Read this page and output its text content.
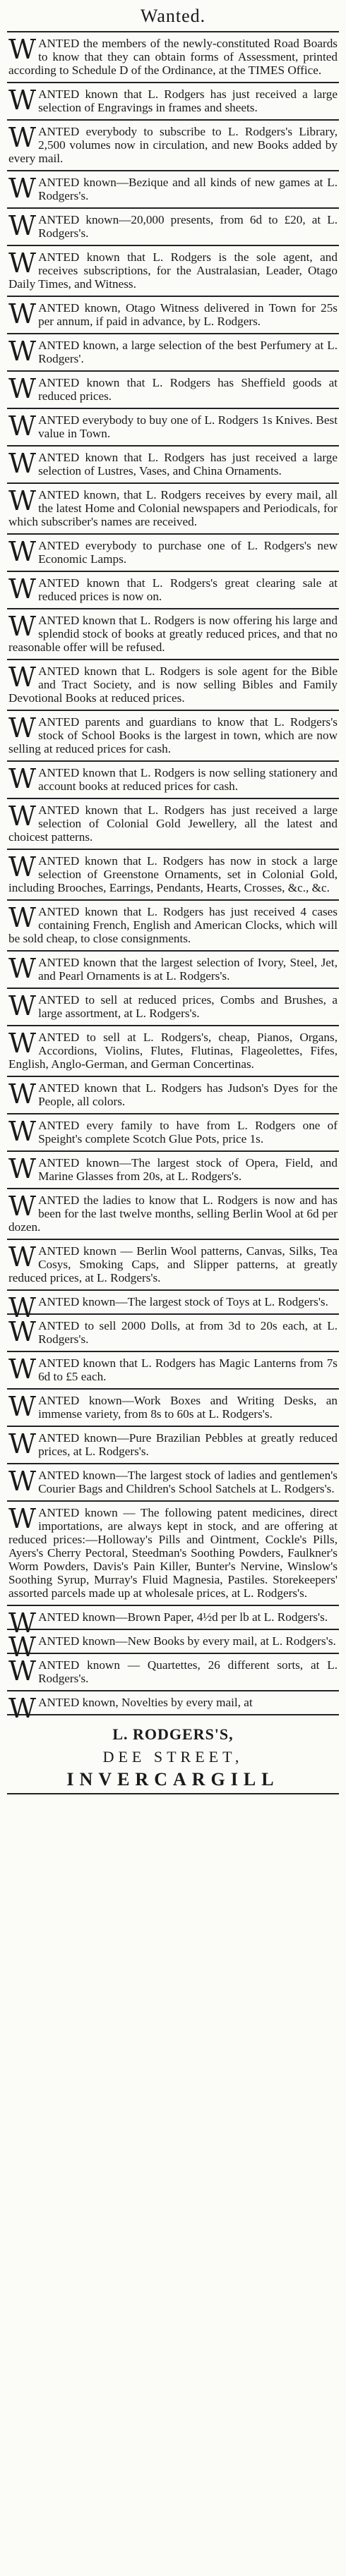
Wanted.
WANTED the members of the newly-constituted Road Boards to know that they can obtain forms of Assessment, printed according to Schedule D of the Ordinance, at the TIMES Office.
WANTED known that L. Rodgers has just received a large selection of Engravings in frames and sheets.
WANTED everybody to subscribe to L. Rodgers's Library, 2,500 volumes now in circulation, and new Books added by every mail.
WANTED known—Bezique and all kinds of new games at L. Rodgers's.
WANTED known—20,000 presents, from 6d to £20, at L. Rodgers's.
WANTED known that L. Rodgers is the sole agent, and receives subscriptions, for the Australasian, Leader, Otago Daily Times, and Witness.
WANTED known, Otago Witness delivered in Town for 25s per annum, if paid in advance, by L. Rodgers.
WANTED known, a large selection of the best Perfumery at L. Rodgers'.
WANTED known that L. Rodgers has Sheffield goods at reduced prices.
WANTED everybody to buy one of L. Rodgers 1s Knives. Best value in Town.
WANTED known that L. Rodgers has just received a large selection of Lustres, Vases, and China Ornaments.
WANTED known, that L. Rodgers receives by every mail, all the latest Home and Colonial newspapers and Periodicals, for which subscriber's names are received.
WANTED everybody to purchase one of L. Rodgers's new Economic Lamps.
WANTED known that L. Rodgers's great clearing sale at reduced prices is now on.
WANTED known that L. Rodgers is now offering his large and splendid stock of books at greatly reduced prices, and that no reasonable offer will be refused.
WANTED known that L. Rodgers is sole agent for the Bible and Tract Society, and is now selling Bibles and Family Devotional Books at reduced prices.
WANTED parents and guardians to know that L. Rodgers's stock of School Books is the largest in town, which are now selling at reduced prices for cash.
WANTED known that L. Rodgers is now selling stationery and account books at reduced prices for cash.
WANTED known that L. Rodgers has just received a large selection of Colonial Gold Jewellery, all the latest and choicest patterns.
WANTED known that L. Rodgers has now in stock a large selection of Greenstone Ornaments, set in Colonial Gold, including Brooches, Earrings, Pendants, Hearts, Crosses, &c., &c.
WANTED known that L. Rodgers has just received 4 cases containing French, English and American Clocks, which will be sold cheap, to close consignments.
WANTED known that the largest selection of Ivory, Steel, Jet, and Pearl Ornaments is at L. Rodgers's.
WANTED to sell at reduced prices, Combs and Brushes, a large assortment, at L. Rodgers's.
WANTED to sell at L. Rodgers's, cheap, Pianos, Organs, Accordions, Violins, Flutes, Flutinas, Flageolettes, Fifes, English, Anglo-German, and German Concertinas.
WANTED known that L. Rodgers has Judson's Dyes for the People, all colors.
WANTED every family to have from L. Rodgers one of Speight's complete Scotch Glue Pots, price 1s.
WANTED known—The largest stock of Opera, Field, and Marine Glasses from 20s, at L. Rodgers's.
WANTED the ladies to know that L. Rodgers is now and has been for the last twelve months, selling Berlin Wool at 6d per dozen.
WANTED known — Berlin Wool patterns, Canvas, Silks, Tea Cosys, Smoking Caps, and Slipper patterns, at greatly reduced prices, at L. Rodgers's.
WANTED known—The largest stock of Toys at L. Rodgers's.
WANTED to sell 2000 Dolls, at from 3d to 20s each, at L. Rodgers's.
WANTED known that L. Rodgers has Magic Lanterns from 7s 6d to £5 each.
WANTED known—Work Boxes and Writing Desks, an immense variety, from 8s to 60s at L. Rodgers's.
WANTED known—Pure Brazilian Pebbles at greatly reduced prices, at L. Rodgers's.
WANTED known—The largest stock of ladies and gentlemen's Courier Bags and Children's School Satchels at L. Rodgers's.
WANTED known — The following patent medicines, direct importations, are always kept in stock, and are offering at reduced prices:—Holloway's Pills and Ointment, Cockle's Pills, Ayers's Cherry Pectoral, Steedman's Soothing Powders, Faulkner's Worm Powders, Davis's Pain Killer, Bunter's Nervine, Winslow's Soothing Syrup, Murray's Fluid Magnesia, Pastiles. Storekeepers' assorted parcels made up at wholesale prices, at L. Rodgers's.
WANTED known—Brown Paper, 4½d per lb at L. Rodgers's.
WANTED known—New Books by every mail, at L. Rodgers's.
WANTED known — Quartettes, 26 different sorts, at L. Rodgers's.
WANTED known, Novelties by every mail, at
L. RODGERS'S,
DEE STREET,
INVERCARGILL
